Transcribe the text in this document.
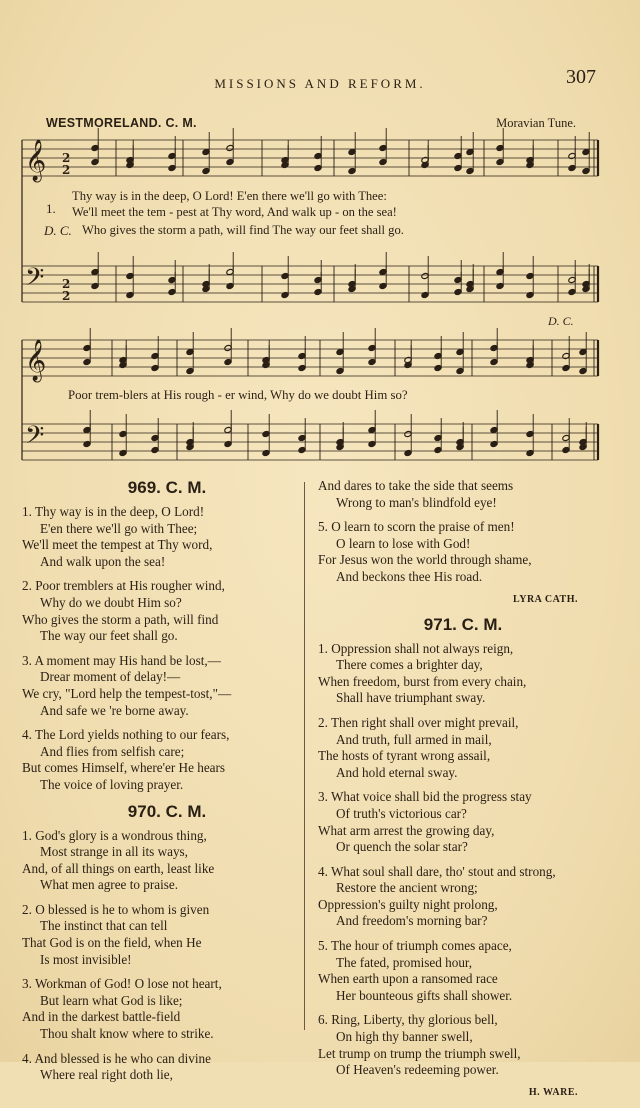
MISSIONS AND REFORM.	307
WESTMORELAND. C. M.	Moravian Tune.
𝄞
𝄢
2
2
2
2
𝄞
𝄢
1.
Thy way is in the deep, O Lord! E'en there we'll go with Thee:
We'll meet the tem - pest at Thy word, And walk up - on the sea!
D. C. Who gives the storm a path, will find The way our feet shall go.
Poor trem-blers at His rough - er wind, Why do we doubt Him so?
D. C.
969. C. M.
1. Thy way is in the deep, O Lord!
E'en there we'll go with Thee;
We'll meet the tempest at Thy word,
And walk upon the sea!
2. Poor tremblers at His rougher wind,
Why do we doubt Him so?
Who gives the storm a path, will find
The way our feet shall go.
3. A moment may His hand be lost,—
Drear moment of delay!—
We cry, "Lord help the tempest-tost,"—
And safe we 're borne away.
4. The Lord yields nothing to our fears,
And flies from selfish care;
But comes Himself, where'er He hears
The voice of loving prayer.
970. C. M.
1. God's glory is a wondrous thing,
Most strange in all its ways,
And, of all things on earth, least like
What men agree to praise.
2. O blessed is he to whom is given
The instinct that can tell
That God is on the field, when He
Is most invisible!
3. Workman of God! O lose not heart,
But learn what God is like;
And in the darkest battle-field
Thou shalt know where to strike.
4. And blessed is he who can divine
Where real right doth lie,
And dares to take the side that seems
Wrong to man's blindfold eye!
5. O learn to scorn the praise of men!
O learn to lose with God!
For Jesus won the world through shame,
And beckons thee His road.
LYRA CATH.
971. C. M.
1. Oppression shall not always reign,
There comes a brighter day,
When freedom, burst from every chain,
Shall have triumphant sway.
2. Then right shall over might prevail,
And truth, full armed in mail,
The hosts of tyrant wrong assail,
And hold eternal sway.
3. What voice shall bid the progress stay
Of truth's victorious car?
What arm arrest the growing day,
Or quench the solar star?
4. What soul shall dare, tho' stout and strong,
Restore the ancient wrong;
Oppression's guilty night prolong,
And freedom's morning bar?
5. The hour of triumph comes apace,
The fated, promised hour,
When earth upon a ransomed race
Her bounteous gifts shall shower.
6. Ring, Liberty, thy glorious bell,
On high thy banner swell,
Let trump on trump the triumph swell,
Of Heaven's redeeming power.
H. WARE.
